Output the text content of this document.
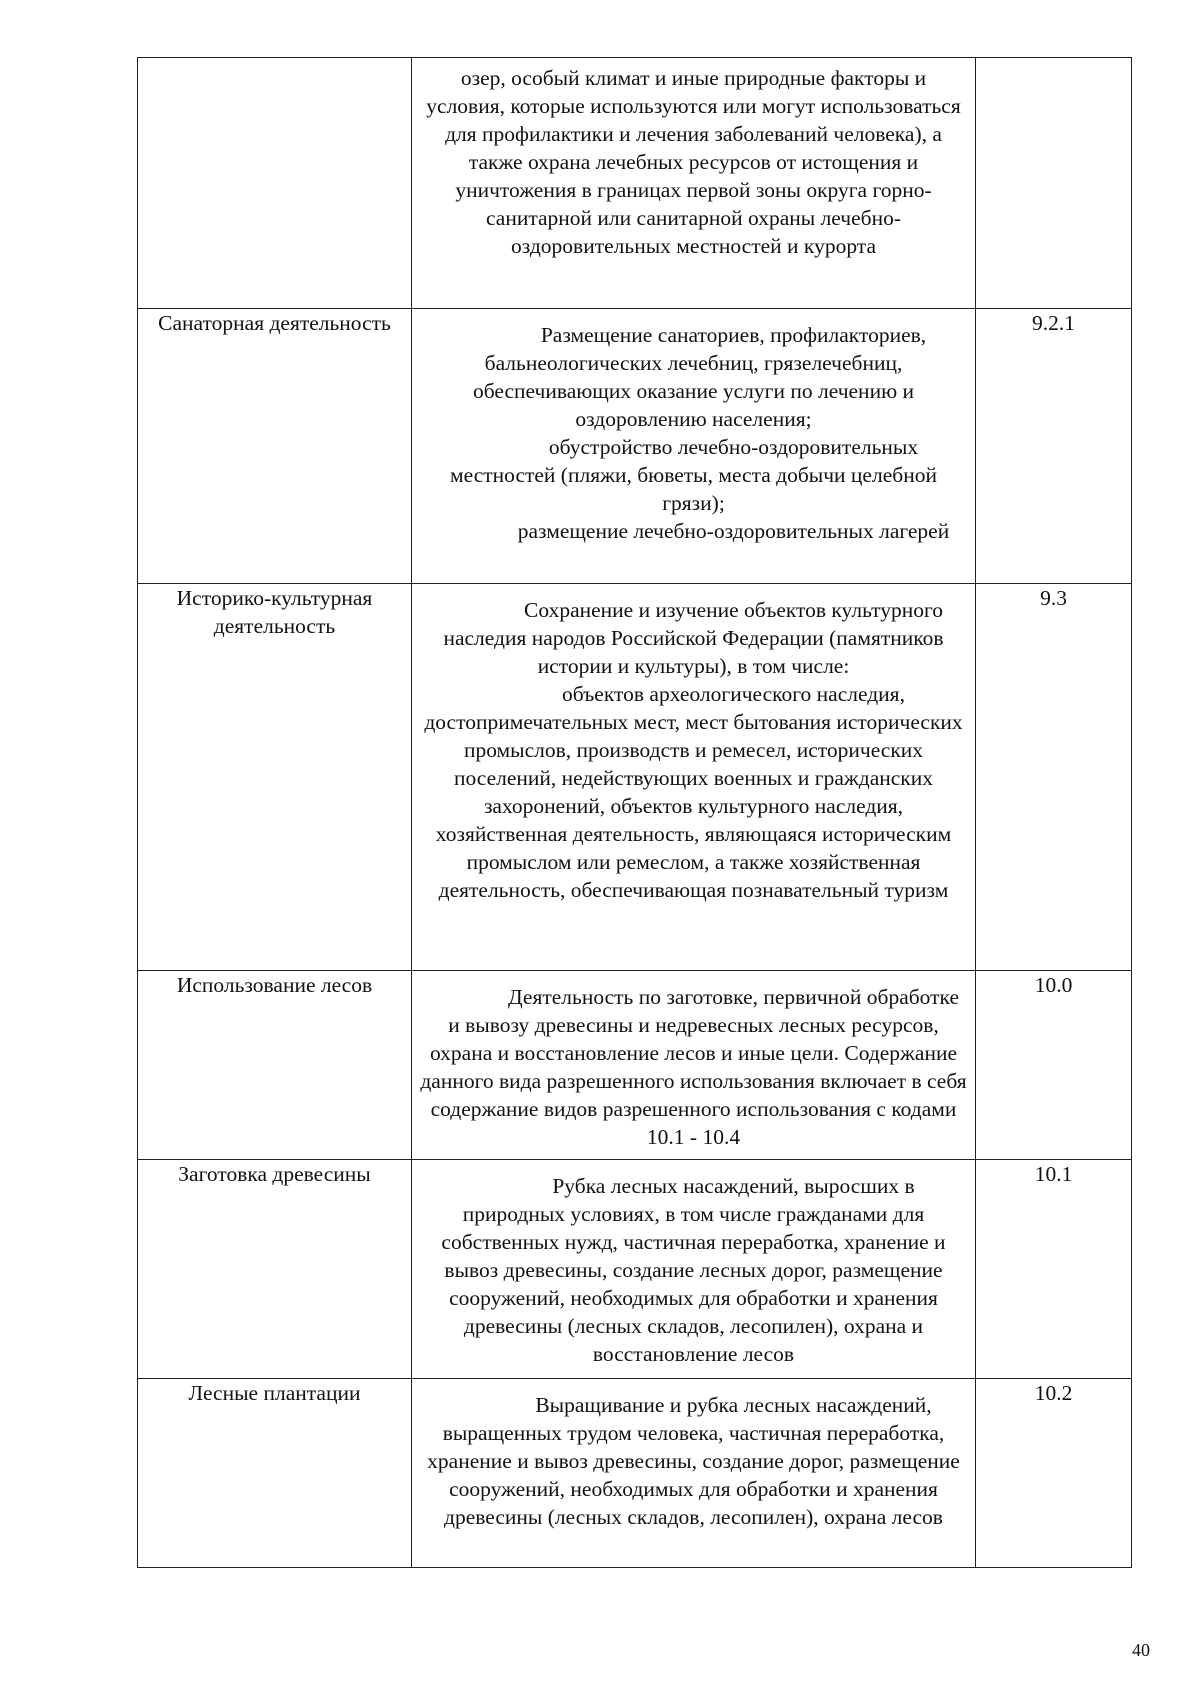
	озер, особый климат и иные природные факторы и условия, которые используются или могут использоваться для профилактики и лечения заболеваний человека), а также охрана лечебных ресурсов от истощения и уничтожения в границах первой зоны округа горно-санитарной или санитарной охраны лечебно-оздоровительных местностей и курорта	

Санаторная деятельность	Размещение санаториев, профилакториев, бальнеологических лечебниц, грязелечебниц, обеспечивающих оказание услуги по лечению и оздоровлению населения;

обустройство лечебно-оздоровительных местностей (пляжи, бюветы, места добычи целебной грязи);

размещение лечебно-оздоровительных лагерей	9.2.1
Историко-культурная деятельность	Сохранение и изучение объектов культурного наследия народов Российской Федерации (памятников истории и культуры), в том числе:

объектов археологического наследия, достопримечательных мест, мест бытования исторических промыслов, производств и ремесел, исторических поселений, недействующих военных и гражданских захоронений, объектов культурного наследия, хозяйственная деятельность, являющаяся историческим промыслом или ремеслом, а также хозяйственная деятельность, обеспечивающая познавательный туризм	9.3
Использование лесов	Деятельность по заготовке, первичной обработке и вывозу древесины и недревесных лесных ресурсов, охрана и восстановление лесов и иные цели. Содержание данного вида разрешенного использования включает в себя содержание видов разрешенного использования с кодами 10.1 - 10.4	10.0
Заготовка древесины	Рубка лесных насаждений, выросших в природных условиях, в том числе гражданами для собственных нужд, частичная переработка, хранение и вывоз древесины, создание лесных дорог, размещение сооружений, необходимых для обработки и хранения древесины (лесных складов, лесопилен), охрана и восстановление лесов	10.1
Лесные плантации	Выращивание и рубка лесных насаждений, выращенных трудом человека, частичная переработка, хранение и вывоз древесины, создание дорог, размещение сооружений, необходимых для обработки и хранения древесины (лесных складов, лесопилен), охрана лесов	10.2
40
